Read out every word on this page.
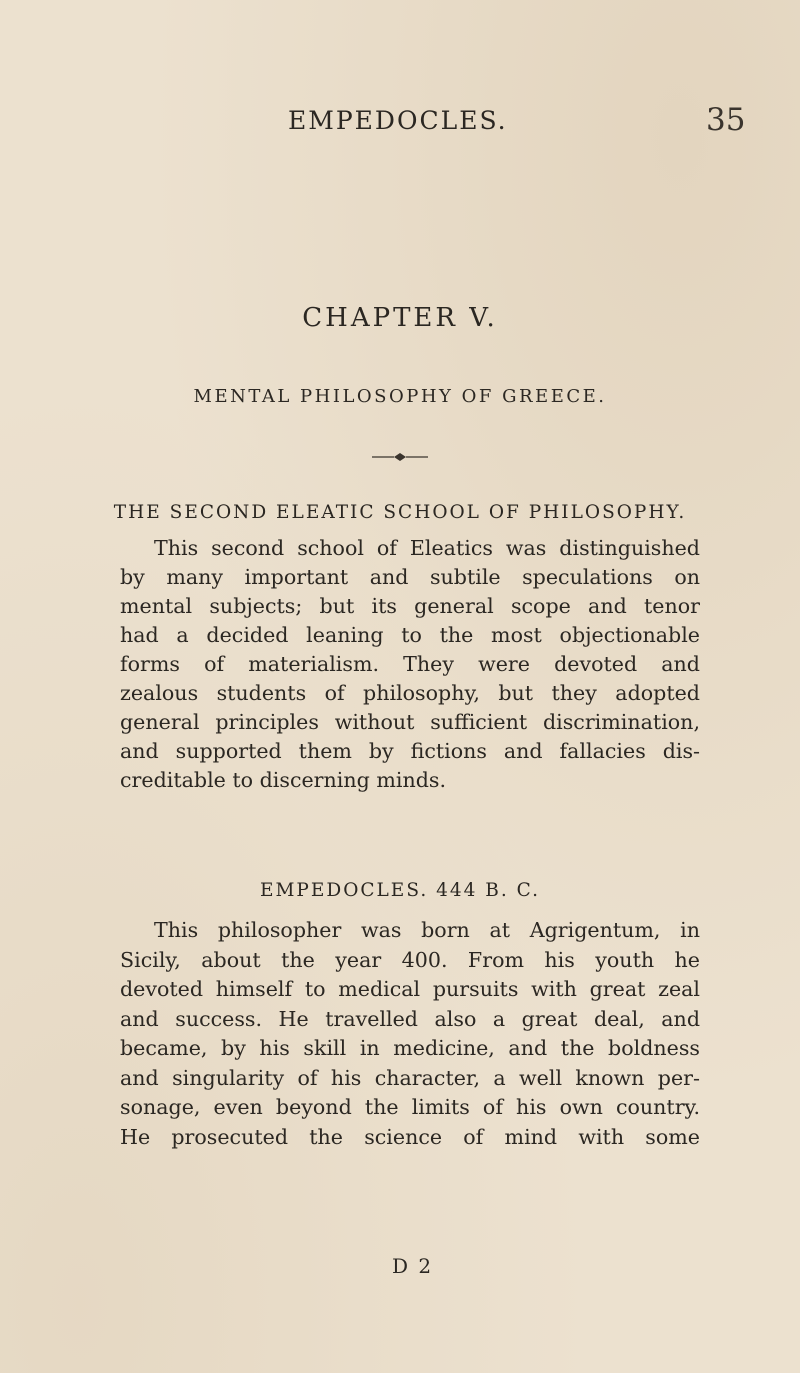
EMPEDOCLES.	35
CHAPTER V.
MENTAL PHILOSOPHY OF GREECE.
THE SECOND ELEATIC SCHOOL OF PHILOSOPHY.
This second school of Eleatics was distinguished
by many important and subtile speculations on
mental subjects; but its general scope and tenor
had a decided leaning to the most objectionable
forms of materialism. They were devoted and
zealous students of philosophy, but they adopted
general principles without sufficient discrimination,
and supported them by fictions and fallacies dis-
creditable to discerning minds.
EMPEDOCLES. 444 B. C.
This philosopher was born at Agrigentum, in
Sicily, about the year 400. From his youth he
devoted himself to medical pursuits with great zeal
and success. He travelled also a great deal, and
became, by his skill in medicine, and the boldness
and singularity of his character, a well known per-
sonage, even beyond the limits of his own country.
He prosecuted the science of mind with some
D 2
